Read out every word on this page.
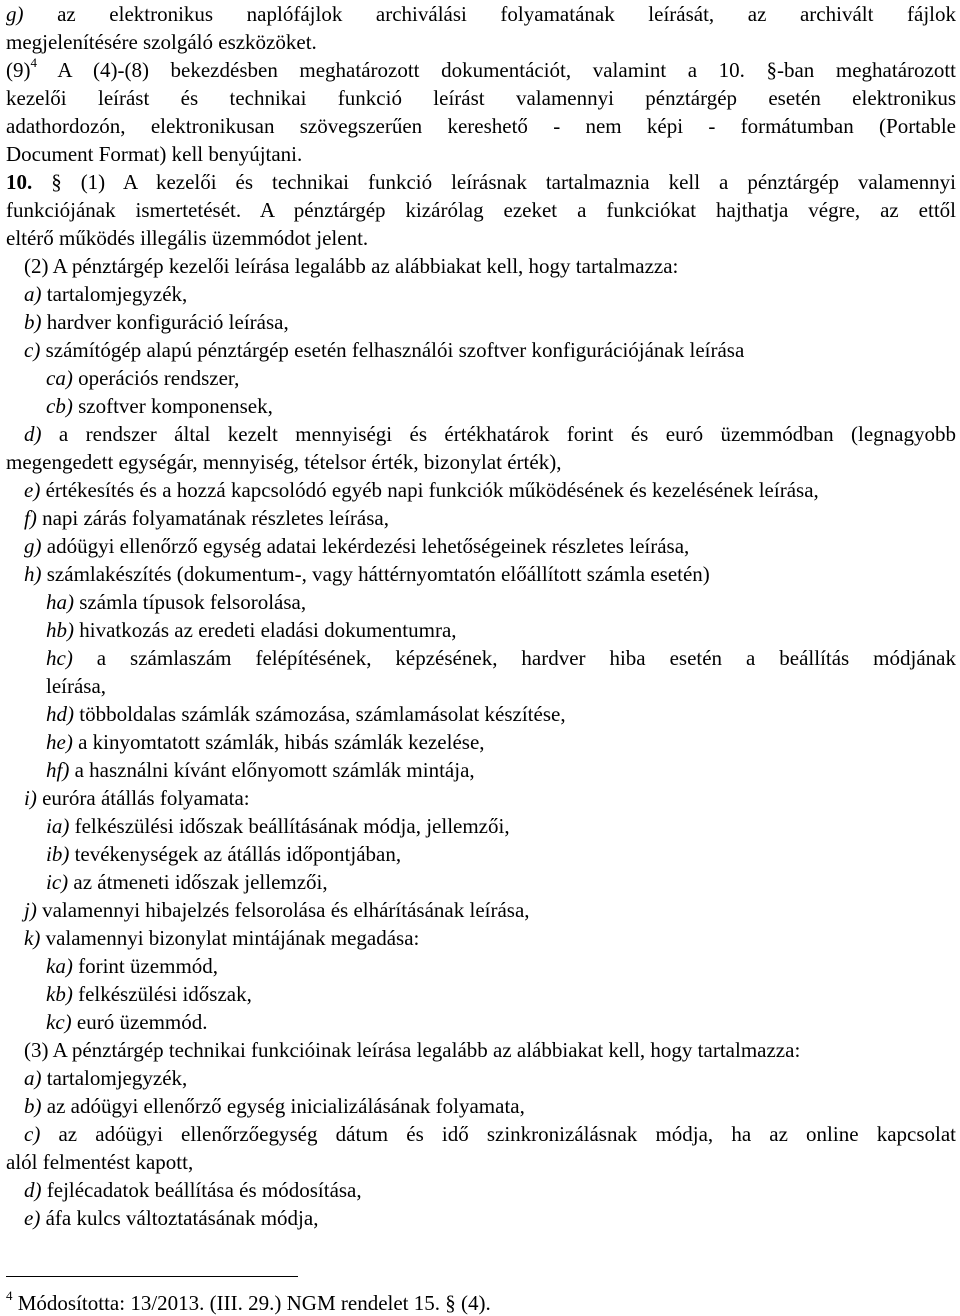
g) az elektronikus naplófájlok archiválási folyamatának leírását, az archivált fájlok
megjelenítésére szolgáló eszközöket.
$(9)^4$ A (4)-(8) bekezdésben meghatározott dokumentációt, valamint a 10. §-ban meghatározott
kezelői leírást és technikai funkció leírást valamennyi pénztárgép esetén elektronikus
adathordozón, elektronikusan szövegszerűen kereshető - nem képi - formátumban (Portable
Document Format) kell benyújtani.
10. § (1) A kezelői és technikai funkció leírásnak tartalmaznia kell a pénztárgép valamennyi
funkciójának ismertetését. A pénztárgép kizárólag ezeket a funkciókat hajthatja végre, az ettől
eltérő működés illegális üzemmódot jelent.
(2) A pénztárgép kezelői leírása legalább az alábbiakat kell, hogy tartalmazza:
a) tartalomjegyzék,
b) hardver konfiguráció leírása,
c) számítógép alapú pénztárgép esetén felhasználói szoftver konfigurációjának leírása
ca) operációs rendszer,
cb) szoftver komponensek,
d) a rendszer által kezelt mennyiségi és értékhatárok forint és euró üzemmódban (legnagyobb
megengedett egységár, mennyiség, tételsor érték, bizonylat érték),
e) értékesítés és a hozzá kapcsolódó egyéb napi funkciók működésének és kezelésének leírása,
f) napi zárás folyamatának részletes leírása,
g) adóügyi ellenőrző egység adatai lekérdezési lehetőségeinek részletes leírása,
h) számlakészítés (dokumentum-, vagy háttérnyomtatón előállított számla esetén)
ha) számla típusok felsorolása,
hb) hivatkozás az eredeti eladási dokumentumra,
hc) a számlaszám felépítésének, képzésének, hardver hiba esetén a beállítás módjának
leírása,
hd) többoldalas számlák számozása, számlamásolat készítése,
he) a kinyomtatott számlák, hibás számlák kezelése,
hf) a használni kívánt előnyomott számlák mintája,
i) euróra átállás folyamata:
ia) felkészülési időszak beállításának módja, jellemzői,
ib) tevékenységek az átállás időpontjában,
ic) az átmeneti időszak jellemzői,
j) valamennyi hibajelzés felsorolása és elhárításának leírása,
k) valamennyi bizonylat mintájának megadása:
ka) forint üzemmód,
kb) felkészülési időszak,
kc) euró üzemmód.
(3) A pénztárgép technikai funkcióinak leírása legalább az alábbiakat kell, hogy tartalmazza:
a) tartalomjegyzék,
b) az adóügyi ellenőrző egység inicializálásának folyamata,
c) az adóügyi ellenőrzőegység dátum és idő szinkronizálásnak módja, ha az online kapcsolat
alól felmentést kapott,
d) fejlécadatok beállítása és módosítása,
e) áfa kulcs változtatásának módja,
$^4$ Módosította: 13/2013. (III. 29.) NGM rendelet 15. § (4).
